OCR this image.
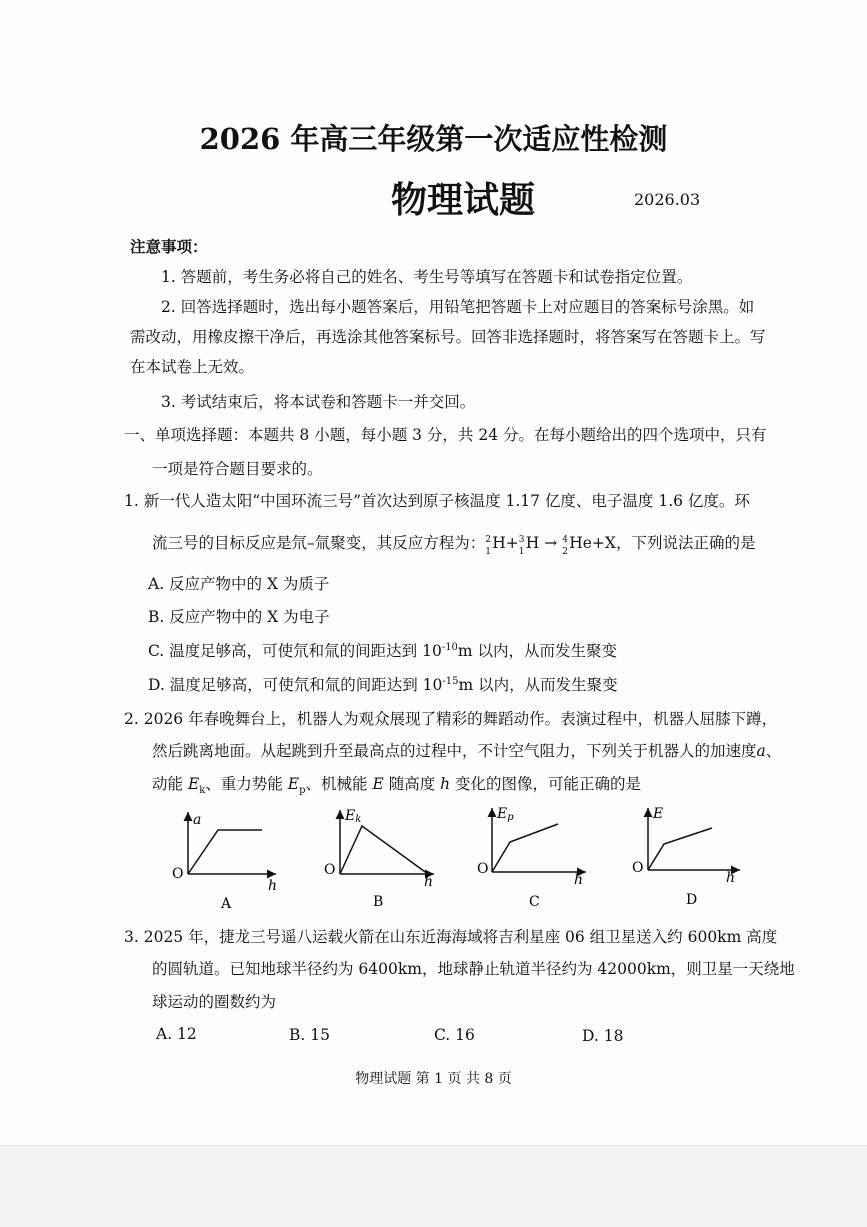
2026 年高三年级第一次适应性检测
物理试题	2026.03
注意事项：
1. 答题前，考生务必将自己的姓名、考生号等填写在答题卡和试卷指定位置。
2. 回答选择题时，选出每小题答案后，用铅笔把答题卡上对应题目的答案标号涂黑。如
需改动，用橡皮擦干净后，再选涂其他答案标号。回答非选择题时，将答案写在答题卡上。写
在本试卷上无效。
3. 考试结束后，将本试卷和答题卡一并交回。
一、单项选择题：本题共 8 小题，每小题 3 分，共 24 分。在每小题给出的四个选项中，只有
一项是符合题目要求的。
1. 新一代人造太阳“中国环流三号”首次达到原子核温度 1.17 亿度、电子温度 1.6 亿度。环
流三号的目标反应是氘–氚聚变，其反应方程为： 2
1 H+ 3
1 H → 4
2 He+X，下列说法正确的是
A. 反应产物中的 X 为质子
B. 反应产物中的 X 为电子
C. 温度足够高，可使氘和氚的间距达到 $10^{-10}m$ 以内，从而发生聚变
D. 温度足够高，可使氘和氚的间距达到 $10^{-15}m$ 以内，从而发生聚变
2. 2026 年春晚舞台上，机器人为观众展现了精彩的舞蹈动作。表演过程中，机器人屈膝下蹲，
然后跳离地面。从起跳到升至最高点的过程中，不计空气阻力，下列关于机器人的加速度a、
动能 $E_k$、重力势能 $E_p$、机械能 E 随高度 h 变化的图像，可能正确的是
a
O
h
A
Ek
O
h
B
Ep
O
h
C
E
O
h
D
3. 2025 年，捷龙三号遥八运载火箭在山东近海海域将吉利星座 06 组卫星送入约 600km 高度
的圆轨道。已知地球半径约为 6400km，地球静止轨道半径约为 42000km，则卫星一天绕地
球运动的圈数约为
A. 12	B. 15	C. 16	D. 18
物理试题 第 1 页 共 8 页
